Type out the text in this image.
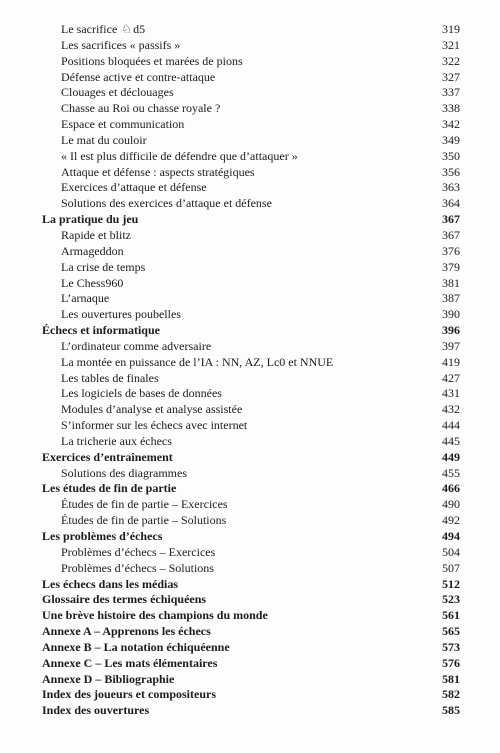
Le sacrifice ♘d5	319
Les sacrifices « passifs »	321
Positions bloquées et marées de pions	322
Défense active et contre-attaque	327
Clouages et déclouages	337
Chasse au Roi ou chasse royale ?	338
Espace et communication	342
Le mat du couloir	349
« Il est plus difficile de défendre que d’attaquer »	350
Attaque et défense : aspects stratégiques	356
Exercices d’attaque et défense	363
Solutions des exercices d’attaque et défense	364
La pratique du jeu	367
Rapide et blitz	367
Armageddon	376
La crise de temps	379
Le Chess960	381
L’arnaque	387
Les ouvertures poubelles	390
Échecs et informatique	396
L’ordinateur comme adversaire	397
La montée en puissance de l’IA : NN, AZ, Lc0 et NNUE	419
Les tables de finales	427
Les logiciels de bases de données	431
Modules d’analyse et analyse assistée	432
S’informer sur les échecs avec internet	444
La tricherie aux échecs	445
Exercices d’entraînement	449
Solutions des diagrammes	455
Les études de fin de partie	466
Études de fin de partie – Exercices	490
Études de fin de partie – Solutions	492
Les problèmes d’échecs	494
Problèmes d’échecs – Exercices	504
Problèmes d’échecs – Solutions	507
Les échecs dans les médias	512
Glossaire des termes échiquéens	523
Une brève histoire des champions du monde	561
Annexe A – Apprenons les échecs	565
Annexe B – La notation échiquéenne	573
Annexe C – Les mats élémentaires	576
Annexe D – Bibliographie	581
Index des joueurs et compositeurs	582
Index des ouvertures	585
